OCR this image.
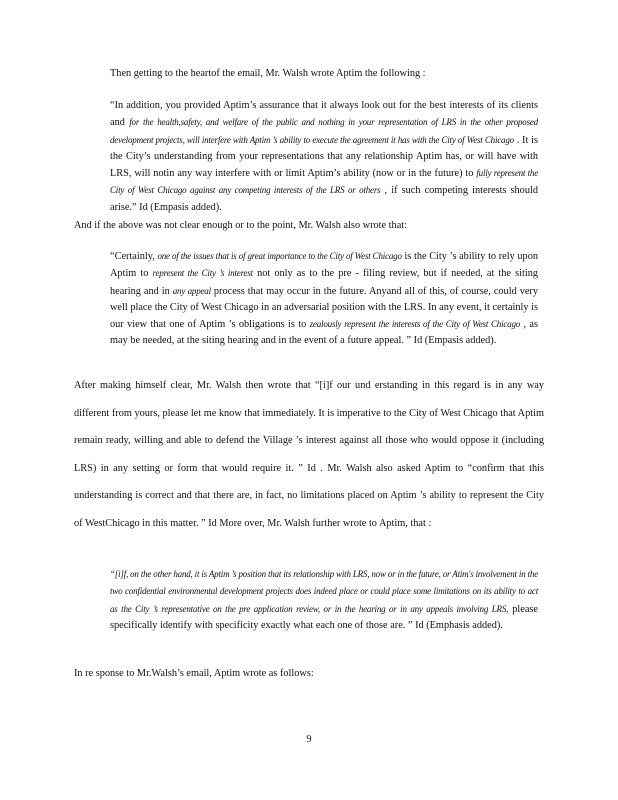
Then getting to the heartof the email, Mr. Walsh wrote Aptim the following :

“In addition, you provided Aptim’s assurance that it always look out for the best interests of its clients and for the health,safety, and welfare of the public and nothing in your representation of LRS in the other proposed development projects, will interfere with Aptim ’s ability to execute the agreement it has with the City of West Chicago . It is the City’s understanding from your representations that any relationship Aptim has, or will have with LRS, will notin any way interfere with or limit Aptim’s ability (now or in the future) to fully represent the City of West Chicago against any competing interests of the LRS or others , if such competing interests should arise.” Id (Empasis added).

And if the above was not clear enough or to the point, Mr. Walsh also wrote that:

“Certainly, one of the issues that is of great importance to the City of West Chicago is the City ’s ability to rely upon Aptim to represent the City ’s interest not only as to the pre - filing review, but if needed, at the siting hearing and in any appeal process that may occur in the future. Anyand all of this, of course, could very well place the City of West Chicago in an adversarial position with the LRS. In any event, it certainly is our view that one of Aptim ’s obligations is to zealously represent the interests of the City of West Chicago , as may be needed, at the siting hearing and in the event of a future appeal. ” Id (Empasis added).

After making himself clear, Mr. Walsh then wrote that “[i]f our und erstanding in this regard is in any way different from yours, please let me know that immediately. It is imperative to the City of West Chicago that Aptim remain ready, willing and able to defend the Village ’s interest against all those who would oppose it (including LRS) in any setting or form that would require it. ” Id . Mr. Walsh also asked Aptim to “confirm that this understanding is correct and that there are, in fact, no limitations placed on Aptim ’s ability to represent the City of WestChicago in this matter. ” Id More over, Mr. Walsh further wrote to Aptim, that :

“[i]f, on the other hand, it is Aptim ’s position that its relationship with LRS, now or in the future, or Atim's involvement in the two confidential environmental development projects does indeed place or could place some limitations on its ability to act as the City ’s representative on the pre application review, or in the hearing or in any appeals involving LRS, please specifically identify with specificity exactly what each one of those are. ” Id (Emphasis added).

In re sponse to Mr.Walsh’s email, Aptim wrote as follows:

9
